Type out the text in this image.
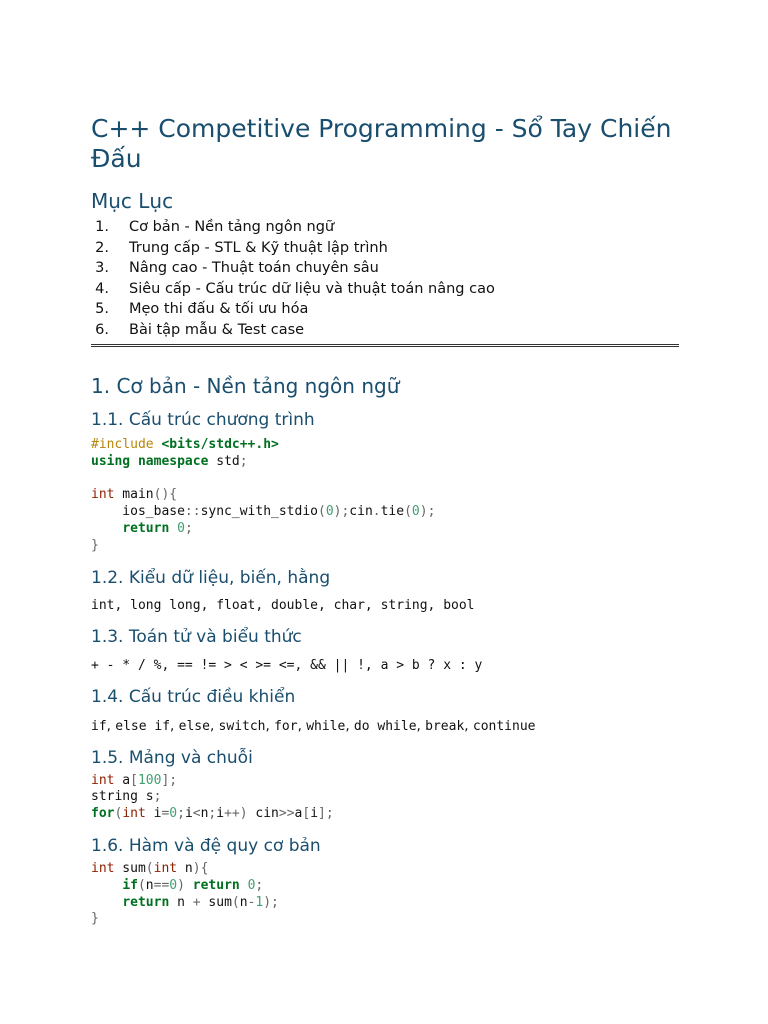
C++ Competitive Programming - Sổ Tay Chiến Đấu
Mục Lục
1. Cơ bản - Nền tảng ngôn ngữ
2. Trung cấp - STL & Kỹ thuật lập trình
3. Nâng cao - Thuật toán chuyên sâu
4. Siêu cấp - Cấu trúc dữ liệu và thuật toán nâng cao
5. Mẹo thi đấu & tối ưu hóa
6. Bài tập mẫu & Test case
1. Cơ bản - Nền tảng ngôn ngữ
1.1. Cấu trúc chương trình
#include <bits/stdc++.h>
using namespace std;

int main(){
ios_base::sync_with_stdio(0);cin.tie(0);
return 0;
}
1.2. Kiểu dữ liệu, biến, hằng
int, long long, float, double, char, string, bool
1.3. Toán tử và biểu thức
+ - * / %, == != > < >= <=, && || !, a > b ? x : y
1.4. Cấu trúc điều khiển
if, else if, else, switch, for, while, do while, break, continue
1.5. Mảng và chuỗi
int a[100];
string s;
for(int i=0;i<n;i++) cin>>a[i];
1.6. Hàm và đệ quy cơ bản
int sum(int n){
if(n==0) return 0;
return n + sum(n-1);
}
